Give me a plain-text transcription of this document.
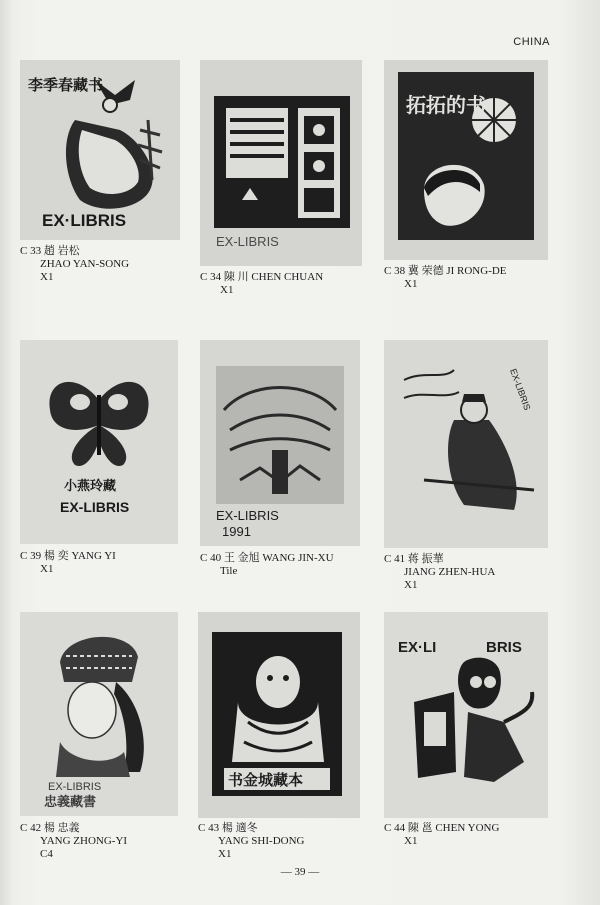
CHINA
李季春藏书
EX·LIBRIS
C 33 趙 岩松
ZHAO YAN-SONG
X1
EX-LIBRIS
C 34 陳 川 CHEN CHUAN
X1
拓拓的书
C 38 冀 荣德 JI RONG-DE
X1
小燕玲藏
EX-LIBRIS
C 39 楊 奕 YANG YI
X1
EX-LIBRIS
1991
C 40 王 金旭 WANG JIN-XU
Tile
EX-LIBRIS
C 41 蒋 振華
JIANG ZHEN-HUA
X1
EX-LIBRIS
忠義藏書
C 42 楊 忠義
YANG ZHONG-YI
C4
书金城藏本
C 43 楊 適冬
YANG SHI-DONG
X1
EX·LI	BRIS
C 44 陳 邕 CHEN YONG
X1
— 39 —
